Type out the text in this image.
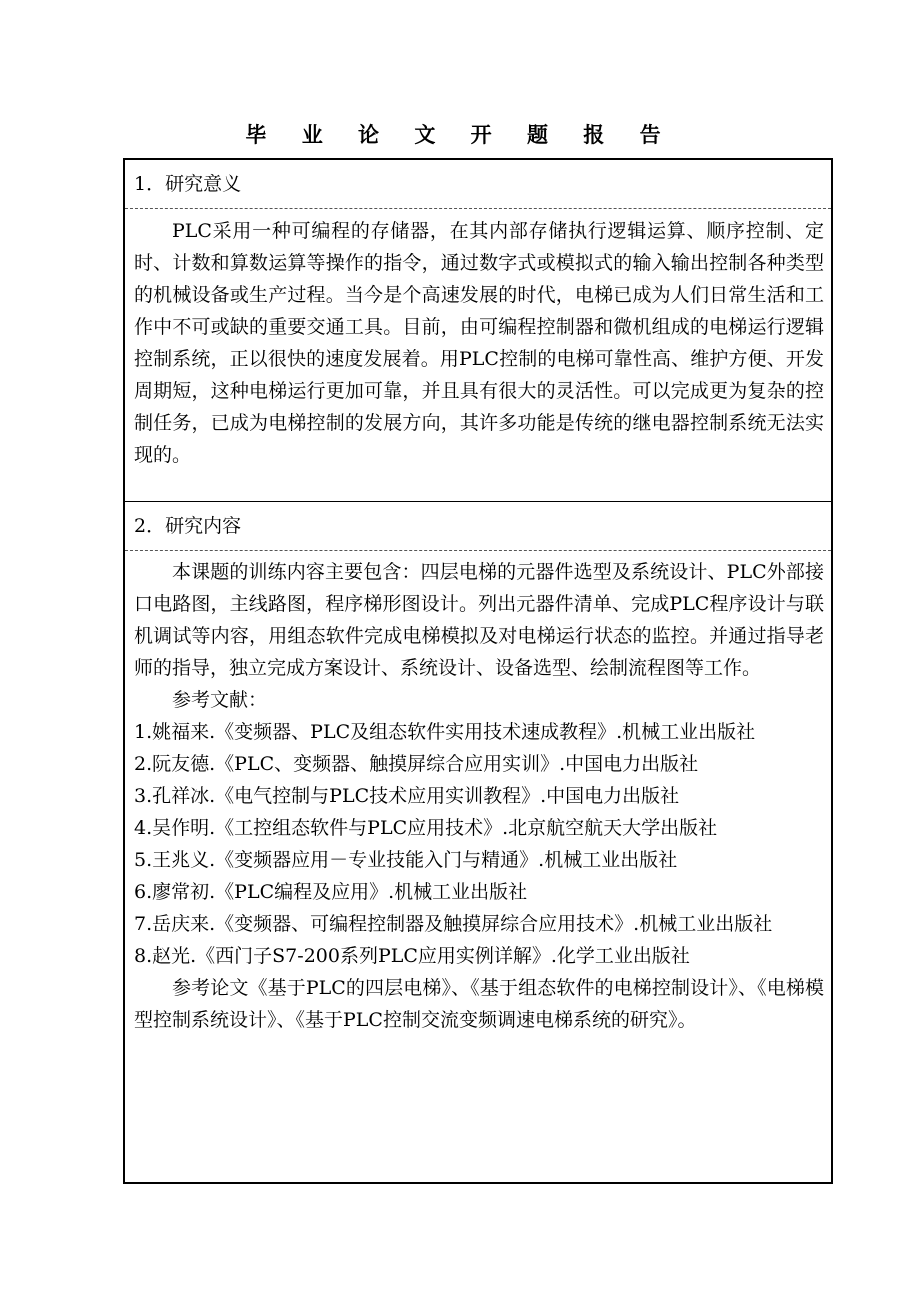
毕 业 论 文 开 题 报 告
1．研究意义

PLC采用一种可编程的存储器，在其内部存储执行逻辑运算、顺序控制、定时、计数和算数运算等操作的指令，通过数字式或模拟式的输入输出控制各种类型的机械设备或生产过程。当今是个高速发展的时代，电梯已成为人们日常生活和工作中不可或缺的重要交通工具。目前，由可编程控制器和微机组成的电梯运行逻辑控制系统，正以很快的速度发展着。用PLC控制的电梯可靠性高、维护方便、开发周期短，这种电梯运行更加可靠，并且具有很大的灵活性。可以完成更为复杂的控制任务，已成为电梯控制的发展方向，其许多功能是传统的继电器控制系统无法实现的。

2．研究内容

本课题的训练内容主要包含：四层电梯的元器件选型及系统设计、PLC外部接口电路图，主线路图，程序梯形图设计。列出元器件清单、完成PLC程序设计与联机调试等内容，用组态软件完成电梯模拟及对电梯运行状态的监控。并通过指导老师的指导，独立完成方案设计、系统设计、设备选型、绘制流程图等工作。

参考文献：

1.姚福来.《变频器、PLC及组态软件实用技术速成教程》.机械工业出版社

2.阮友德.《PLC、变频器、触摸屏综合应用实训》.中国电力出版社

3.孔祥冰.《电气控制与PLC技术应用实训教程》.中国电力出版社

4.吴作明.《工控组态软件与PLC应用技术》.北京航空航天大学出版社

5.王兆义.《变频器应用－专业技能入门与精通》.机械工业出版社

6.廖常初.《PLC编程及应用》.机械工业出版社

7.岳庆来.《变频器、可编程控制器及触摸屏综合应用技术》.机械工业出版社

8.赵光.《西门子S7-200系列PLC应用实例详解》.化学工业出版社

参考论文《基于PLC的四层电梯》、《基于组态软件的电梯控制设计》、《电梯模型控制系统设计》、《基于PLC控制交流变频调速电梯系统的研究》。
